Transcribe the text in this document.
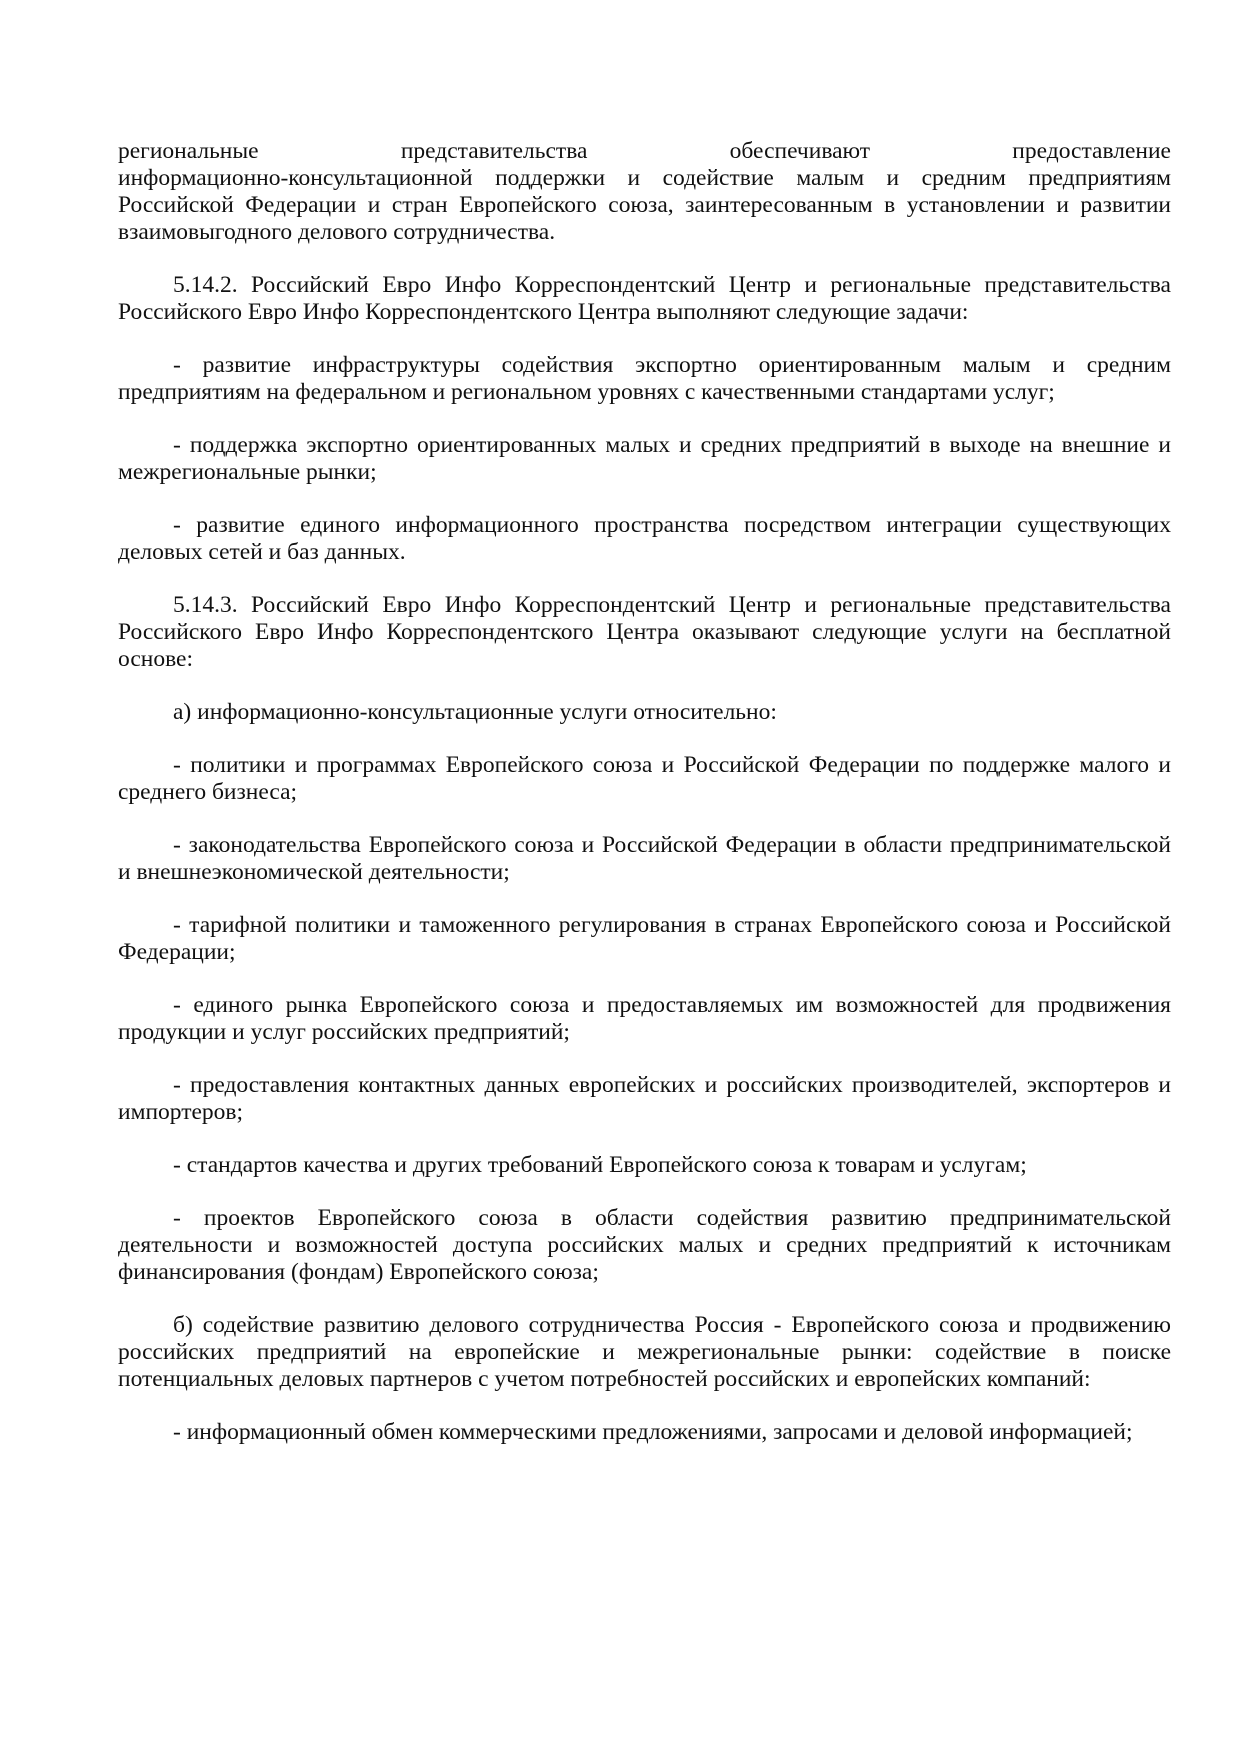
региональные представительства обеспечивают предоставление
информационно-консультационной поддержки и содействие малым и средним предприятиям Российской Федерации и стран Европейского союза, заинтересованным в установлении и развитии взаимовыгодного делового сотрудничества.

5.14.2. Российский Евро Инфо Корреспондентский Центр и региональные представительства Российского Евро Инфо Корреспондентского Центра выполняют следующие задачи:

- развитие инфраструктуры содействия экспортно ориентированным малым и средним предприятиям на федеральном и региональном уровнях с качественными стандартами услуг;

- поддержка экспортно ориентированных малых и средних предприятий в выходе на внешние и межрегиональные рынки;

- развитие единого информационного пространства посредством интеграции существующих деловых сетей и баз данных.

5.14.3. Российский Евро Инфо Корреспондентский Центр и региональные представительства Российского Евро Инфо Корреспондентского Центра оказывают следующие услуги на бесплатной основе:

а) информационно-консультационные услуги относительно:

- политики и программах Европейского союза и Российской Федерации по поддержке малого и среднего бизнеса;

- законодательства Европейского союза и Российской Федерации в области предпринимательской и внешнеэкономической деятельности;

- тарифной политики и таможенного регулирования в странах Европейского союза и Российской Федерации;

- единого рынка Европейского союза и предоставляемых им возможностей для продвижения продукции и услуг российских предприятий;

- предоставления контактных данных европейских и российских производителей, экспортеров и импортеров;

- стандартов качества и других требований Европейского союза к товарам и услугам;

- проектов Европейского союза в области содействия развитию предпринимательской деятельности и возможностей доступа российских малых и средних предприятий к источникам финансирования (фондам) Европейского союза;

б) содействие развитию делового сотрудничества Россия - Европейского союза и продвижению российских предприятий на европейские и межрегиональные рынки: содействие в поиске потенциальных деловых партнеров с учетом потребностей российских и европейских компаний:

- информационный обмен коммерческими предложениями, запросами и деловой информацией;
